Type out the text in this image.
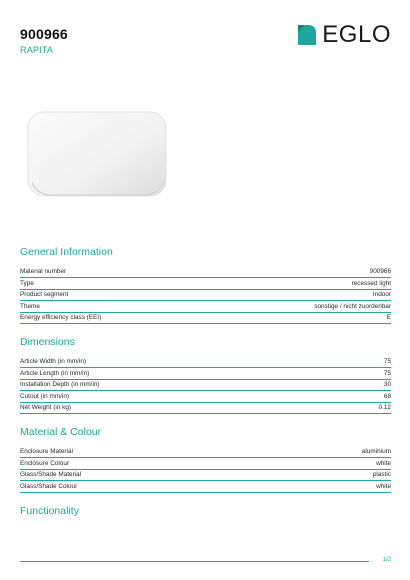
900966
RAPITA
EGLO
General Information
Material number	900966
Type	recessed light
Product segment	Indoor
Theme	sonstige / nicht zuordenbar
Energy efficiency class (EEI)	E
Dimensions
Article Width (in mm/in)	75
Article Length (in mm/in)	75
Installation Depth (in mm/in)	30
Cutout (in mm/in)	68
Net Weight (in kg)	0.12
Material & Colour
Enclosure Material	aluminium
Enclosure Colour	white
Glass/Shade Material	plastic
Glass/Shade Colour	white
Functionality
1/2
